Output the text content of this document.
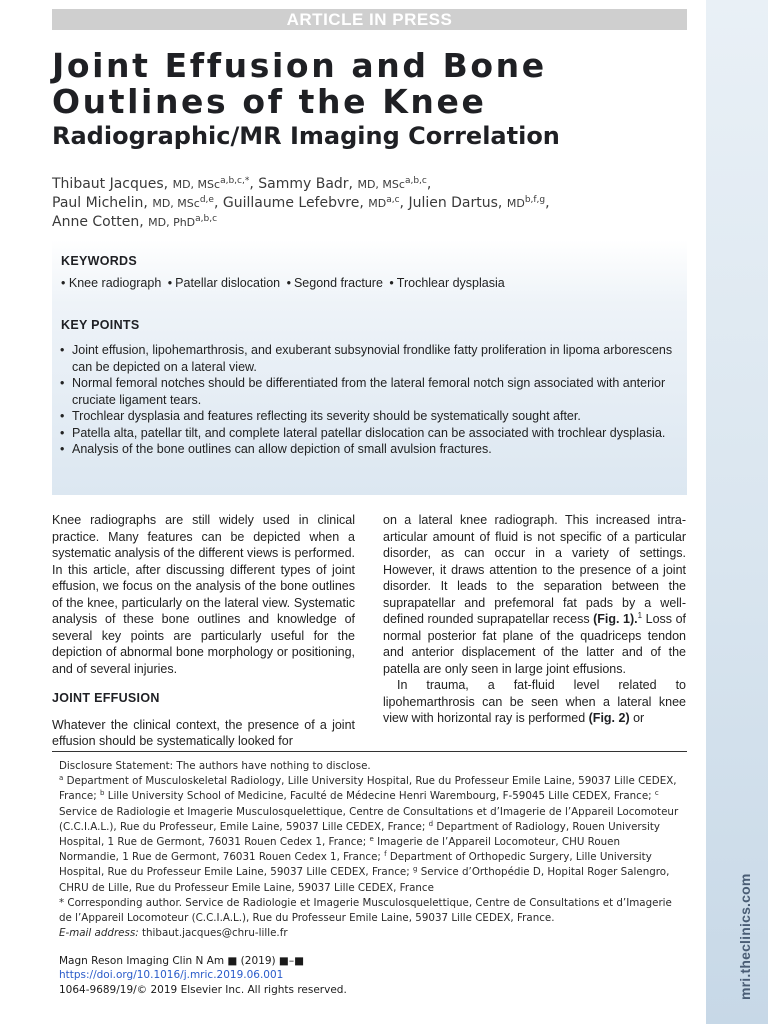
ARTICLE IN PRESS
mri.theclinics.com
Joint Effusion and Bone
Outlines of the Knee
Radiographic/MR Imaging Correlation
Thibaut Jacques, MD, MSc$^{a,b,c,*}$, Sammy Badr, MD, MSc$^{a,b,c}$,
Paul Michelin, MD, MSc$^{d,e}$, Guillaume Lefebvre, MD$^{a,c}$, Julien Dartus, MD$^{b,f,g}$,
Anne Cotten, MD, PhD$^{a,b,c}$
KEYWORDS
• Knee radiograph • Patellar dislocation • Segond fracture • Trochlear dysplasia
KEY POINTS
• Joint effusion, lipohemarthrosis, and exuberant subsynovial frondlike fatty proliferation in lipoma arborescens can be depicted on a lateral view.
• Normal femoral notches should be differentiated from the lateral femoral notch sign associated with anterior cruciate ligament tears.
• Trochlear dysplasia and features reflecting its severity should be systematically sought after.
• Patella alta, patellar tilt, and complete lateral patellar dislocation can be associated with trochlear dysplasia.
• Analysis of the bone outlines can allow depiction of small avulsion fractures.

Knee radiographs are still widely used in clinical practice. Many features can be depicted when a systematic analysis of the different views is performed. In this article, after discussing different types of joint effusion, we focus on the analysis of the bone outlines of the knee, particularly on the lateral view. Systematic analysis of these bone outlines and knowledge of several key points are particularly useful for the depiction of abnormal bone morphology or positioning, and of several injuries.

JOINT EFFUSION

Whatever the clinical context, the presence of a joint effusion should be systematically looked for

on a lateral knee radiograph. This increased intra-articular amount of fluid is not specific of a particular disorder, as can occur in a variety of settings. However, it draws attention to the presence of a joint disorder. It leads to the separation between the suprapatellar and prefemoral fat pads by a well-defined rounded suprapatellar recess (Fig. 1).$^1$ Loss of normal posterior fat plane of the quadriceps tendon and anterior displacement of the latter and of the patella are only seen in large joint effusions.

In trauma, a fat-fluid level related to lipohemarthrosis can be seen when a lateral knee view with horizontal ray is performed (Fig. 2) or

Disclosure Statement: The authors have nothing to disclose.
$^a$ Department of Musculoskeletal Radiology, Lille University Hospital, Rue du Professeur Emile Laine, 59037 Lille CEDEX, France; $^b$ Lille University School of Medicine, Faculté de Médecine Henri Warembourg, F-59045 Lille CEDEX, France; $^c$ Service de Radiologie et Imagerie Musculosquelettique, Centre de Consultations et d’Imagerie de l’Appareil Locomoteur (C.C.I.A.L.), Rue du Professeur, Emile Laine, 59037 Lille CEDEX, France; $^d$ Department of Radiology, Rouen University Hospital, 1 Rue de Germont, 76031 Rouen Cedex 1, France; $^e$ Imagerie de l’Appareil Locomoteur, CHU Rouen Normandie, 1 Rue de Germont, 76031 Rouen Cedex 1, France; $^f$ Department of Orthopedic Surgery, Lille University Hospital, Rue du Professeur Emile Laine, 59037 Lille CEDEX, France; $^g$ Service d’Orthopédie D, Hopital Roger Salengro, CHRU de Lille, Rue du Professeur Emile Laine, 59037 Lille CEDEX, France
* Corresponding author. Service de Radiologie et Imagerie Musculosquelettique, Centre de Consultations et d’Imagerie de l’Appareil Locomoteur (C.C.I.A.L.), Rue du Professeur Emile Laine, 59037 Lille CEDEX, France.
E-mail address: thibaut.jacques@chru-lille.fr
Magn Reson Imaging Clin N Am ■ (2019) ■–■
https://doi.org/10.1016/j.mric.2019.06.001
1064-9689/19/© 2019 Elsevier Inc. All rights reserved.
